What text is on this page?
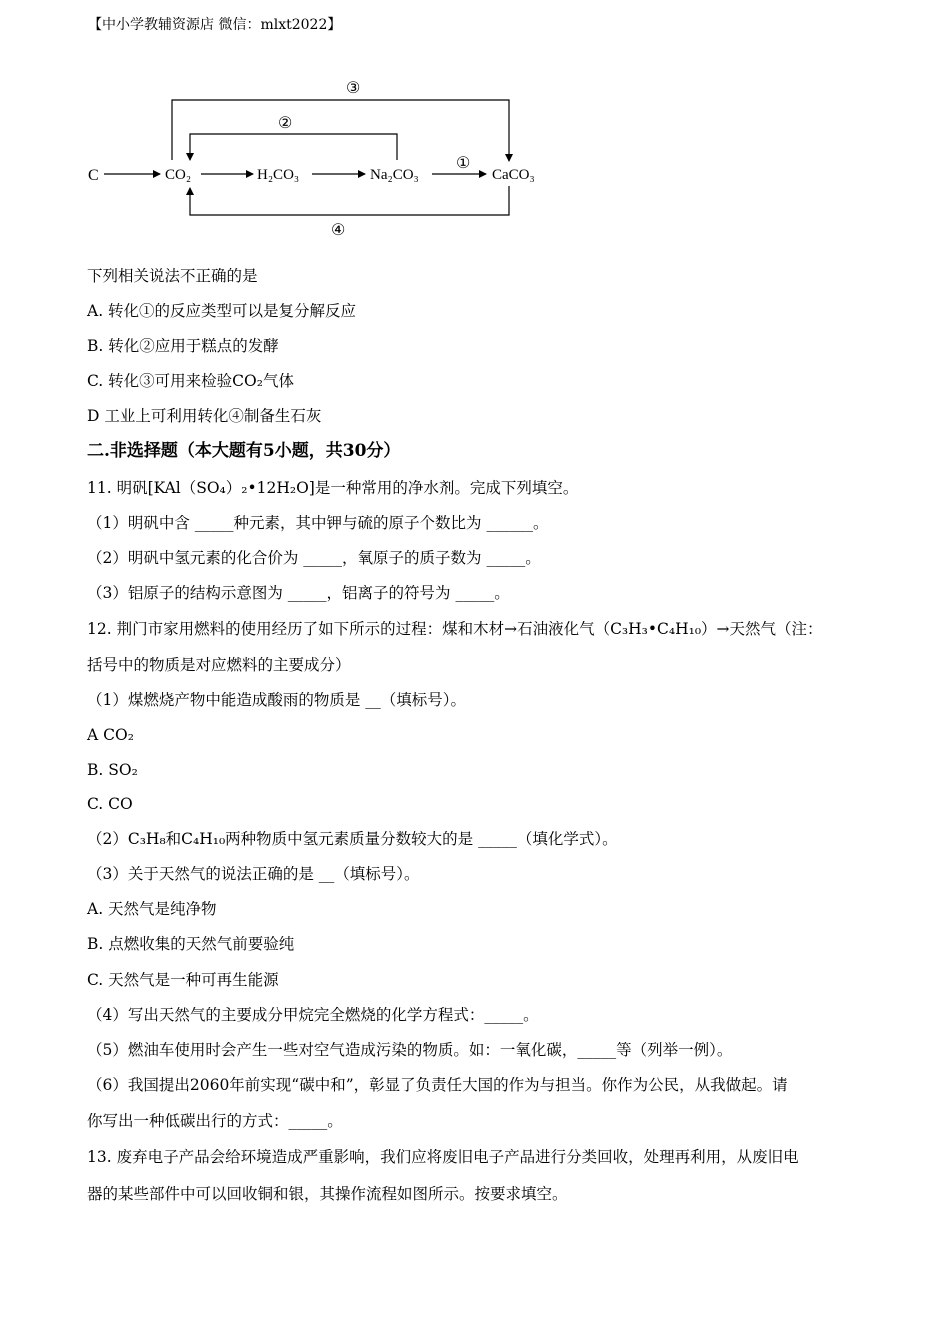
【中小学教辅资源店 微信：mlxt2022】
C	CO₂	H₂CO₃	Na₂CO₃	CaCO₃
①
②
③
④
下列相关说法不正确的是
A. 转化①的反应类型可以是复分解反应
B. 转化②应用于糕点的发酵
C. 转化③可用来检验CO₂气体
D 工业上可利用转化④制备生石灰
二.非选择题（本大题有5小题，共30分）
11. 明矾[KAl（SO₄）₂•12H₂O]是一种常用的净水剂。完成下列填空。
（1）明矾中含 _____种元素，其中钾与硫的原子个数比为 ______。
（2）明矾中氢元素的化合价为 _____，氧原子的质子数为 _____。
（3）铝原子的结构示意图为 _____，铝离子的符号为 _____。
12. 荆门市家用燃料的使用经历了如下所示的过程：煤和木材→石油液化气（C₃H₃•C₄H₁₀）→天然气（注：
括号中的物质是对应燃料的主要成分）
（1）煤燃烧产物中能造成酸雨的物质是 __（填标号）。
A CO₂
B. SO₂
C. CO
（2）C₃H₈和C₄H₁₀两种物质中氢元素质量分数较大的是 _____（填化学式）。
（3）关于天然气的说法正确的是 __（填标号）。
A. 天然气是纯净物
B. 点燃收集的天然气前要验纯
C. 天然气是一种可再生能源
（4）写出天然气的主要成分甲烷完全燃烧的化学方程式：_____。
（5）燃油车使用时会产生一些对空气造成污染的物质。如：一氧化碳，_____等（列举一例）。
（6）我国提出2060年前实现“碳中和”，彰显了负责任大国的作为与担当。你作为公民，从我做起。请
你写出一种低碳出行的方式：_____。
13. 废弃电子产品会给环境造成严重影响，我们应将废旧电子产品进行分类回收，处理再利用，从废旧电
器的某些部件中可以回收铜和银，其操作流程如图所示。按要求填空。
